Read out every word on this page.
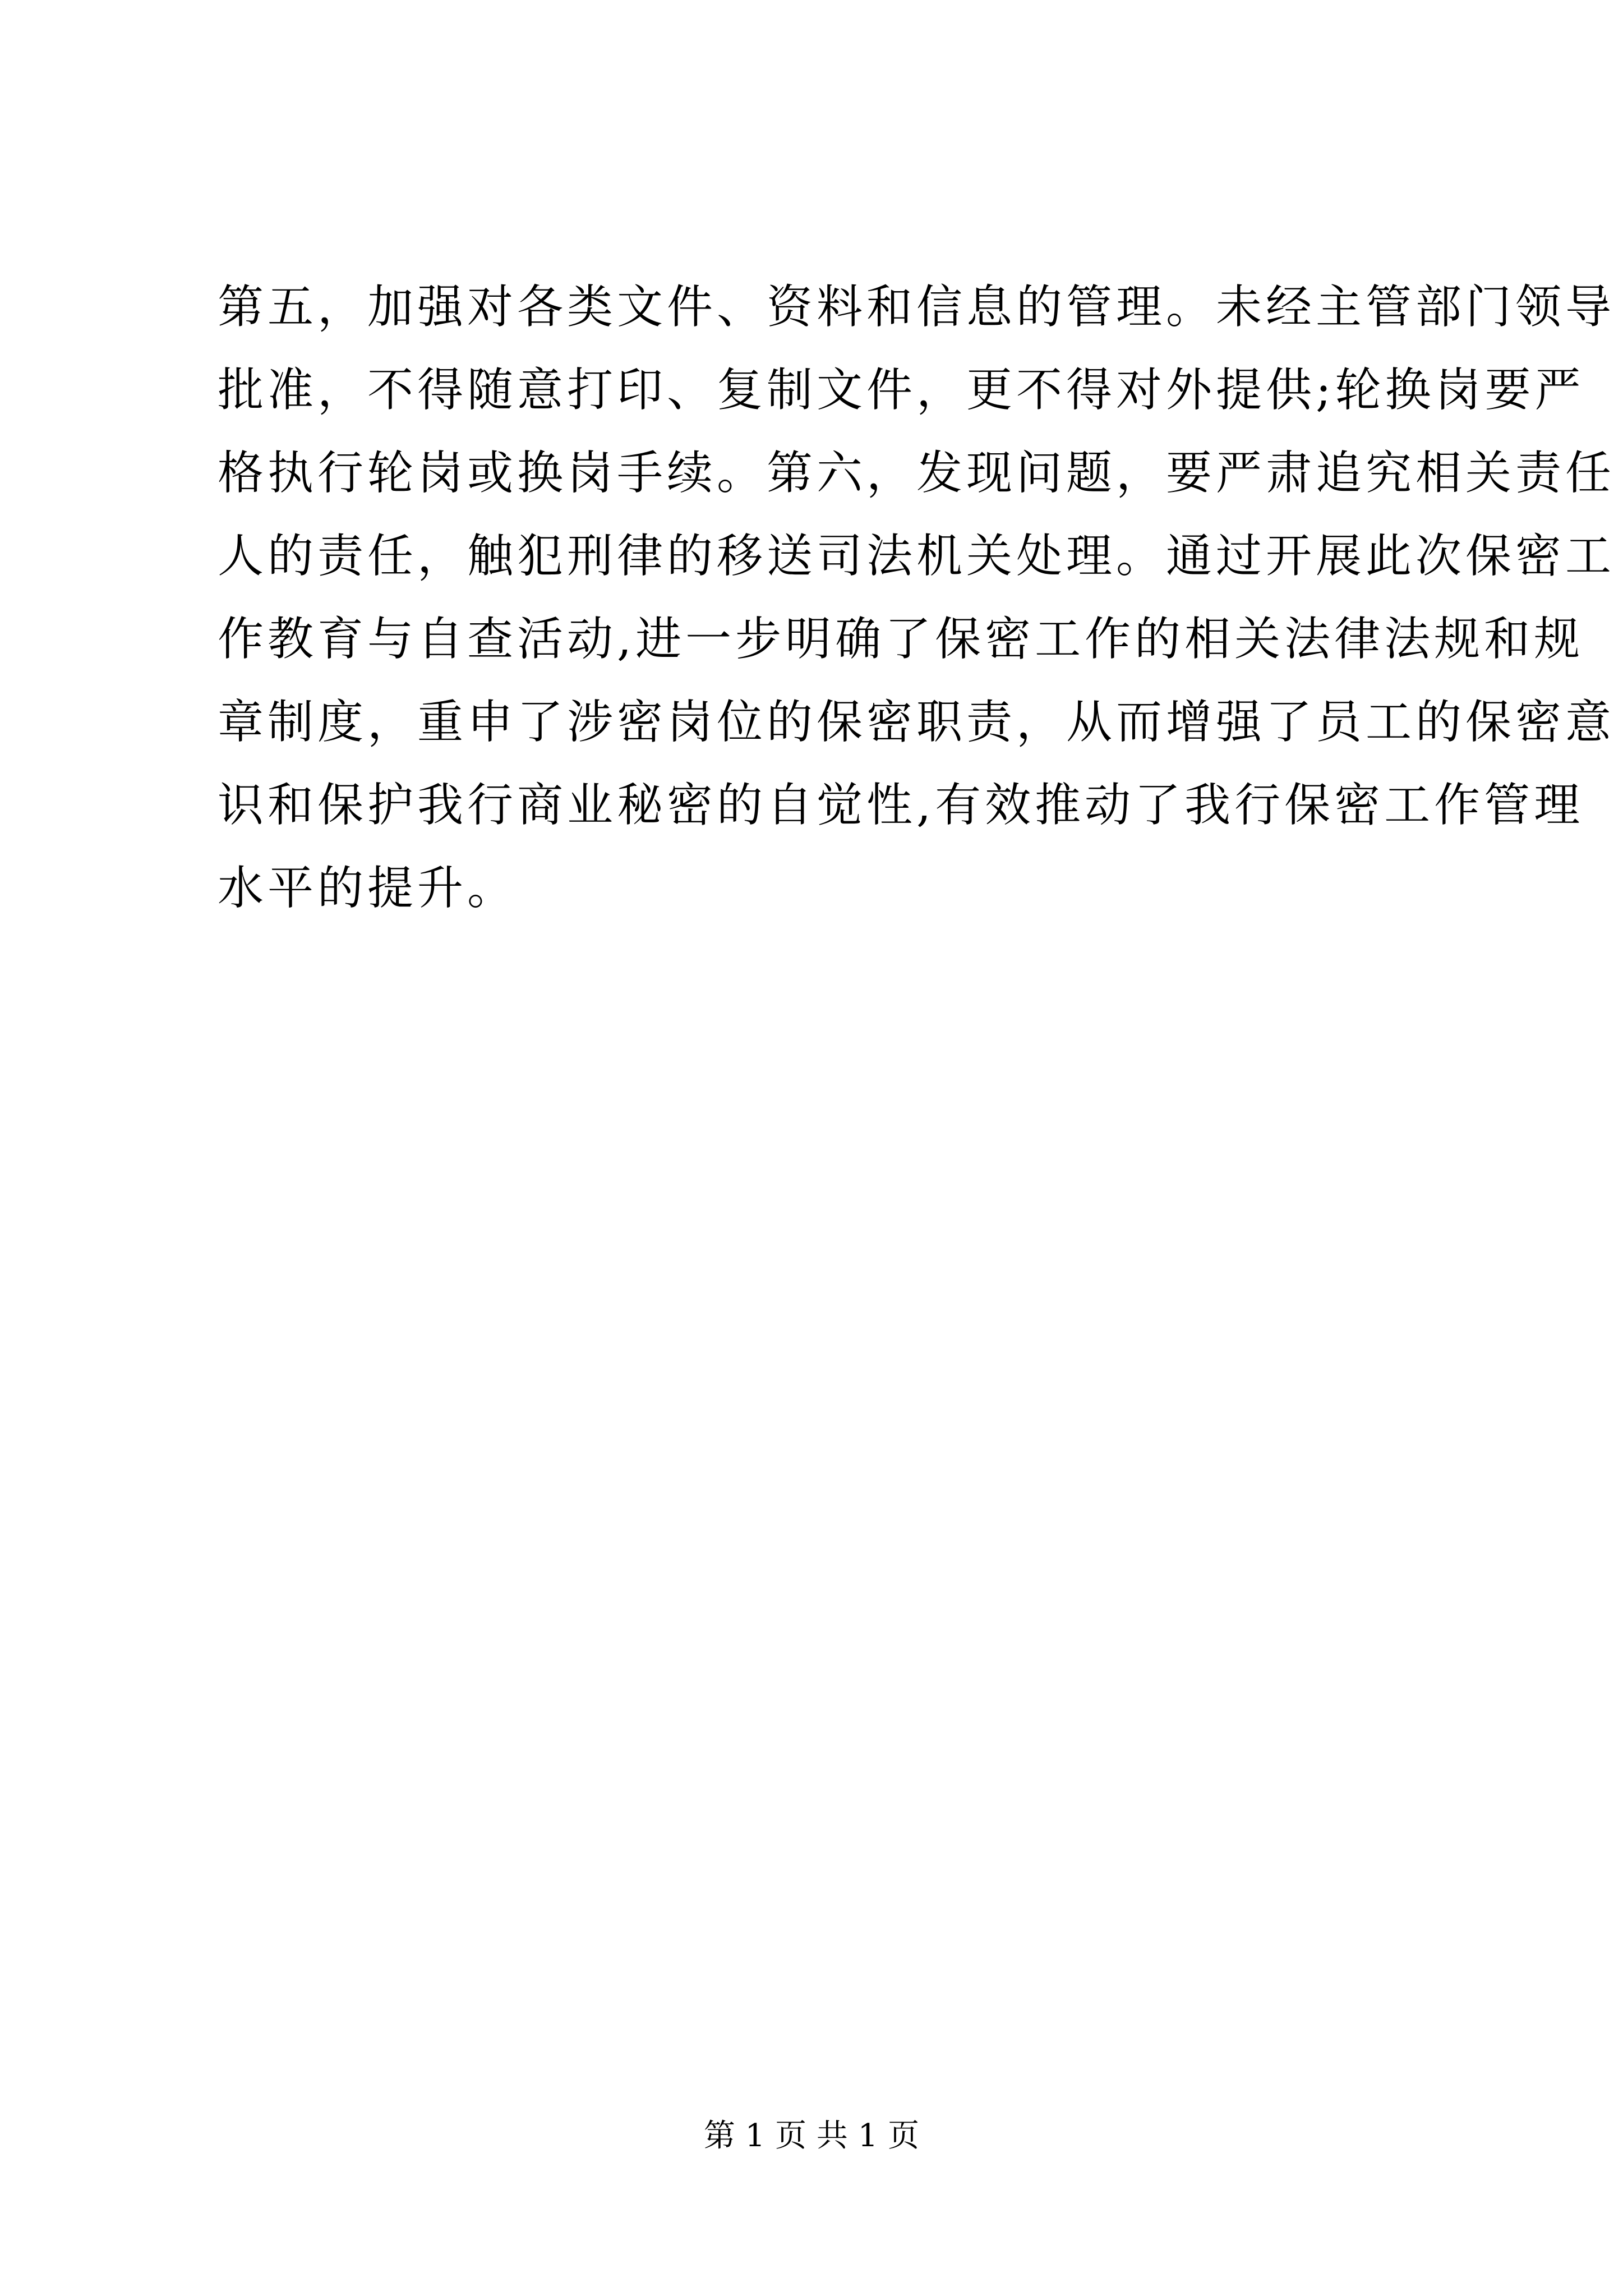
第五，加强对各类文件、资料和信息的管理。未经主管部门领导
批准，不得随意打印、复制文件，更不得对外提供;轮换岗要严
格执行轮岗或换岗手续。第六，发现问题，要严肃追究相关责任
人的责任，触犯刑律的移送司法机关处理。通过开展此次保密工
作教育与自查活动,进一步明确了保密工作的相关法律法规和规
章制度，重申了涉密岗位的保密职责，从而增强了员工的保密意
识和保护我行商业秘密的自觉性,有效推动了我行保密工作管理
水平的提升。
第 1 页 共 1 页
